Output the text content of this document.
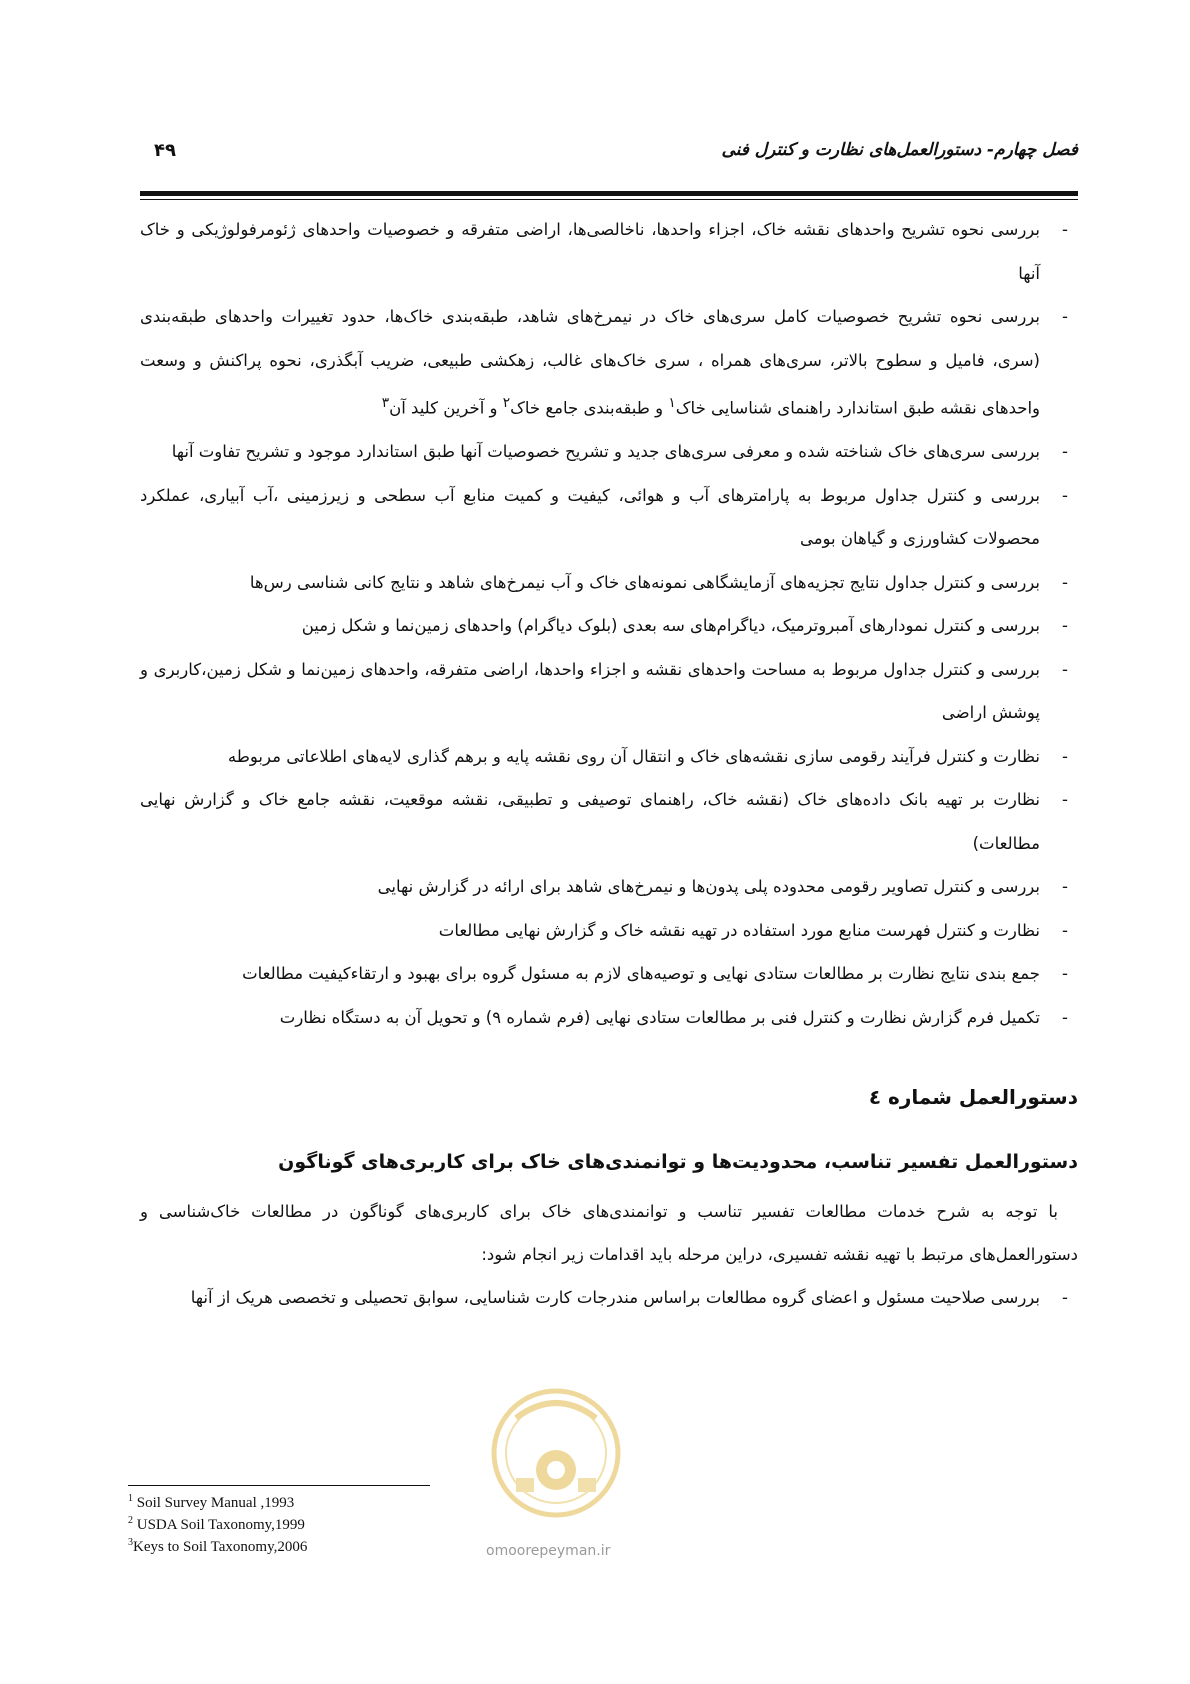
فصل چهارم- دستورالعمل‌های نظارت و کنترل فنی
۴۹
-
بررسی نحوه تشریح واحدهای نقشه خاک، اجزاء واحدها، ناخالصی‌ها، اراضی متفرقه و خصوصیات واحدهای ژئومرفولوژیکی و خاک آنها
-
بررسی نحوه تشریح خصوصیات کامل سری‌های خاک در نیمرخ‌های شاهد، طبقه‌بندی خاک‌ها، حدود تغییرات واحدهای طبقه‌بندی (سری، فامیل و سطوح بالاتر، سری‌های همراه ، سری خاک‌های غالب، زهکشی طبیعی، ضریب آبگذری، نحوه پراکنش و وسعت واحدهای نقشه طبق استاندارد راهنمای شناسایی خاک$^۱$ و طبقه‌بندی جامع خاک$^۲$ و آخرین کلید آن$^۳$
-
بررسی سری‌های خاک شناخته شده و معرفی سری‌های جدید و تشریح خصوصیات آنها طبق استاندارد موجود و تشریح تفاوت آنها
-
بررسی و کنترل جداول مربوط به پارامترهای آب و هوائی، کیفیت و کمیت منابع آب سطحی و زیرزمینی ،آب آبیاری، عملکرد محصولات کشاورزی و گیاهان بومی
-
بررسی و کنترل جداول نتایج تجزیه‌های آزمایشگاهی نمونه‌های خاک و آب نیمرخ‌های شاهد و نتایج کانی شناسی رس‌ها
-
بررسی و کنترل نمودارهای آمبروترمیک، دیاگرام‌های سه بعدی (بلوک دیاگرام) واحدهای زمین‌نما و شکل زمین
-
بررسی و کنترل جداول مربوط به مساحت واحدهای نقشه و اجزاء واحدها، اراضی متفرقه، واحدهای زمین‌نما و شکل زمین،کاربری و پوشش اراضی
-
نظارت و کنترل فرآیند رقومی سازی نقشه‌های خاک و انتقال آن روی نقشه پایه و برهم گذاری لایه‌های اطلاعاتی مربوطه
-
نظارت بر تهیه بانک داده‌های خاک (نقشه خاک، راهنمای توصیفی و تطبیقی، نقشه موقعیت، نقشه جامع خاک و گزارش نهایی مطالعات)
-
بررسی و کنترل تصاویر رقومی محدوده پلی پدون‌ها و نیمرخ‌های شاهد برای ارائه در گزارش نهایی
-
نظارت و کنترل فهرست منابع مورد استفاده در تهیه نقشه خاک و گزارش نهایی مطالعات
-
جمع بندی نتایج نظارت بر مطالعات ستادی نهایی و توصیه‌های لازم به مسئول گروه برای بهبود و ارتقاءکیفیت مطالعات
-
تکمیل فرم گزارش نظارت و کنترل فنی بر مطالعات ستادی نهایی (فرم شماره ۹) و تحویل آن به دستگاه نظارت
دستورالعمل شماره ٤
دستورالعمل تفسیر تناسب، محدودیت‌ها و توانمندی‌های خاک برای کاربری‌های گوناگون
با توجه به شرح خدمات مطالعات تفسیر تناسب و توانمندی‌های خاک برای کاربری‌های گوناگون در مطالعات خاک‌شناسی و دستورالعمل‌های مرتبط با تهیه نقشه تفسیری، دراین مرحله باید اقدامات زیر انجام شود:
-
بررسی صلاحیت مسئول و اعضای گروه مطالعات براساس مندرجات کارت شناسایی، سوابق تحصیلی و تخصصی هریک از آنها
omoorepeyman.ir
$^1$ Soil Survey Manual ,1993
$^2$ USDA Soil Taxonomy,1999
$^3$Keys to Soil Taxonomy,2006
